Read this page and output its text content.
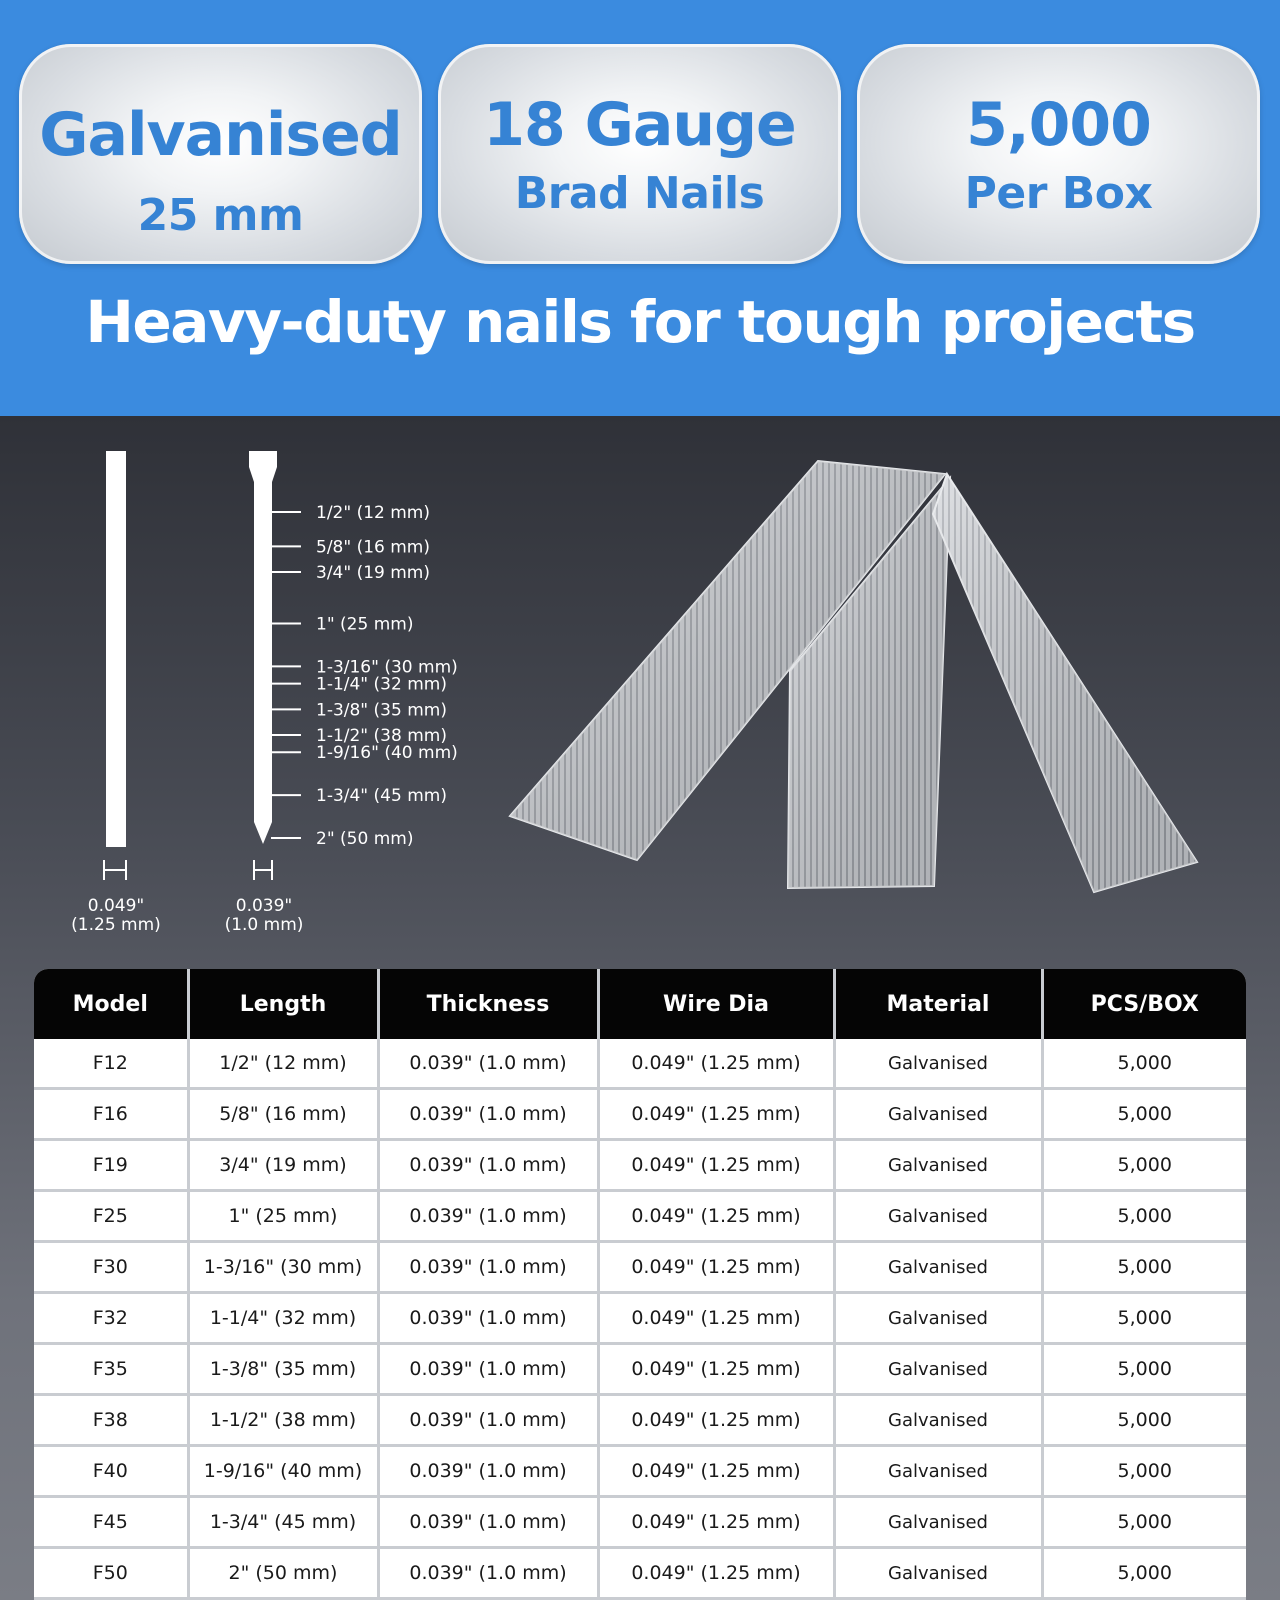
Galvanised
25 mm
18 Gauge
Brad Nails
5,000
Per Box
Heavy-duty nails for tough projects
0.049"
(1.25 mm)
0.039"
(1.0 mm)
1/2" (12 mm)
5/8" (16 mm)
3/4" (19 mm)
1" (25 mm)
1-3/16" (30 mm)
1-1/4" (32 mm)
1-3/8" (35 mm)
1-1/2" (38 mm)
1-9/16" (40 mm)
1-3/4" (45 mm)
2" (50 mm)
Model	Length	Thickness	Wire Dia	Material	PCS/BOX
F12	1/2" (12 mm)	0.039" (1.0 mm)	0.049" (1.25 mm)	Galvanised	5,000
F16	5/8" (16 mm)	0.039" (1.0 mm)	0.049" (1.25 mm)	Galvanised	5,000
F19	3/4" (19 mm)	0.039" (1.0 mm)	0.049" (1.25 mm)	Galvanised	5,000
F25	1" (25 mm)	0.039" (1.0 mm)	0.049" (1.25 mm)	Galvanised	5,000
F30	1-3/16" (30 mm)	0.039" (1.0 mm)	0.049" (1.25 mm)	Galvanised	5,000
F32	1-1/4" (32 mm)	0.039" (1.0 mm)	0.049" (1.25 mm)	Galvanised	5,000
F35	1-3/8" (35 mm)	0.039" (1.0 mm)	0.049" (1.25 mm)	Galvanised	5,000
F38	1-1/2" (38 mm)	0.039" (1.0 mm)	0.049" (1.25 mm)	Galvanised	5,000
F40	1-9/16" (40 mm)	0.039" (1.0 mm)	0.049" (1.25 mm)	Galvanised	5,000
F45	1-3/4" (45 mm)	0.039" (1.0 mm)	0.049" (1.25 mm)	Galvanised	5,000
F50	2" (50 mm)	0.039" (1.0 mm)	0.049" (1.25 mm)	Galvanised	5,000
